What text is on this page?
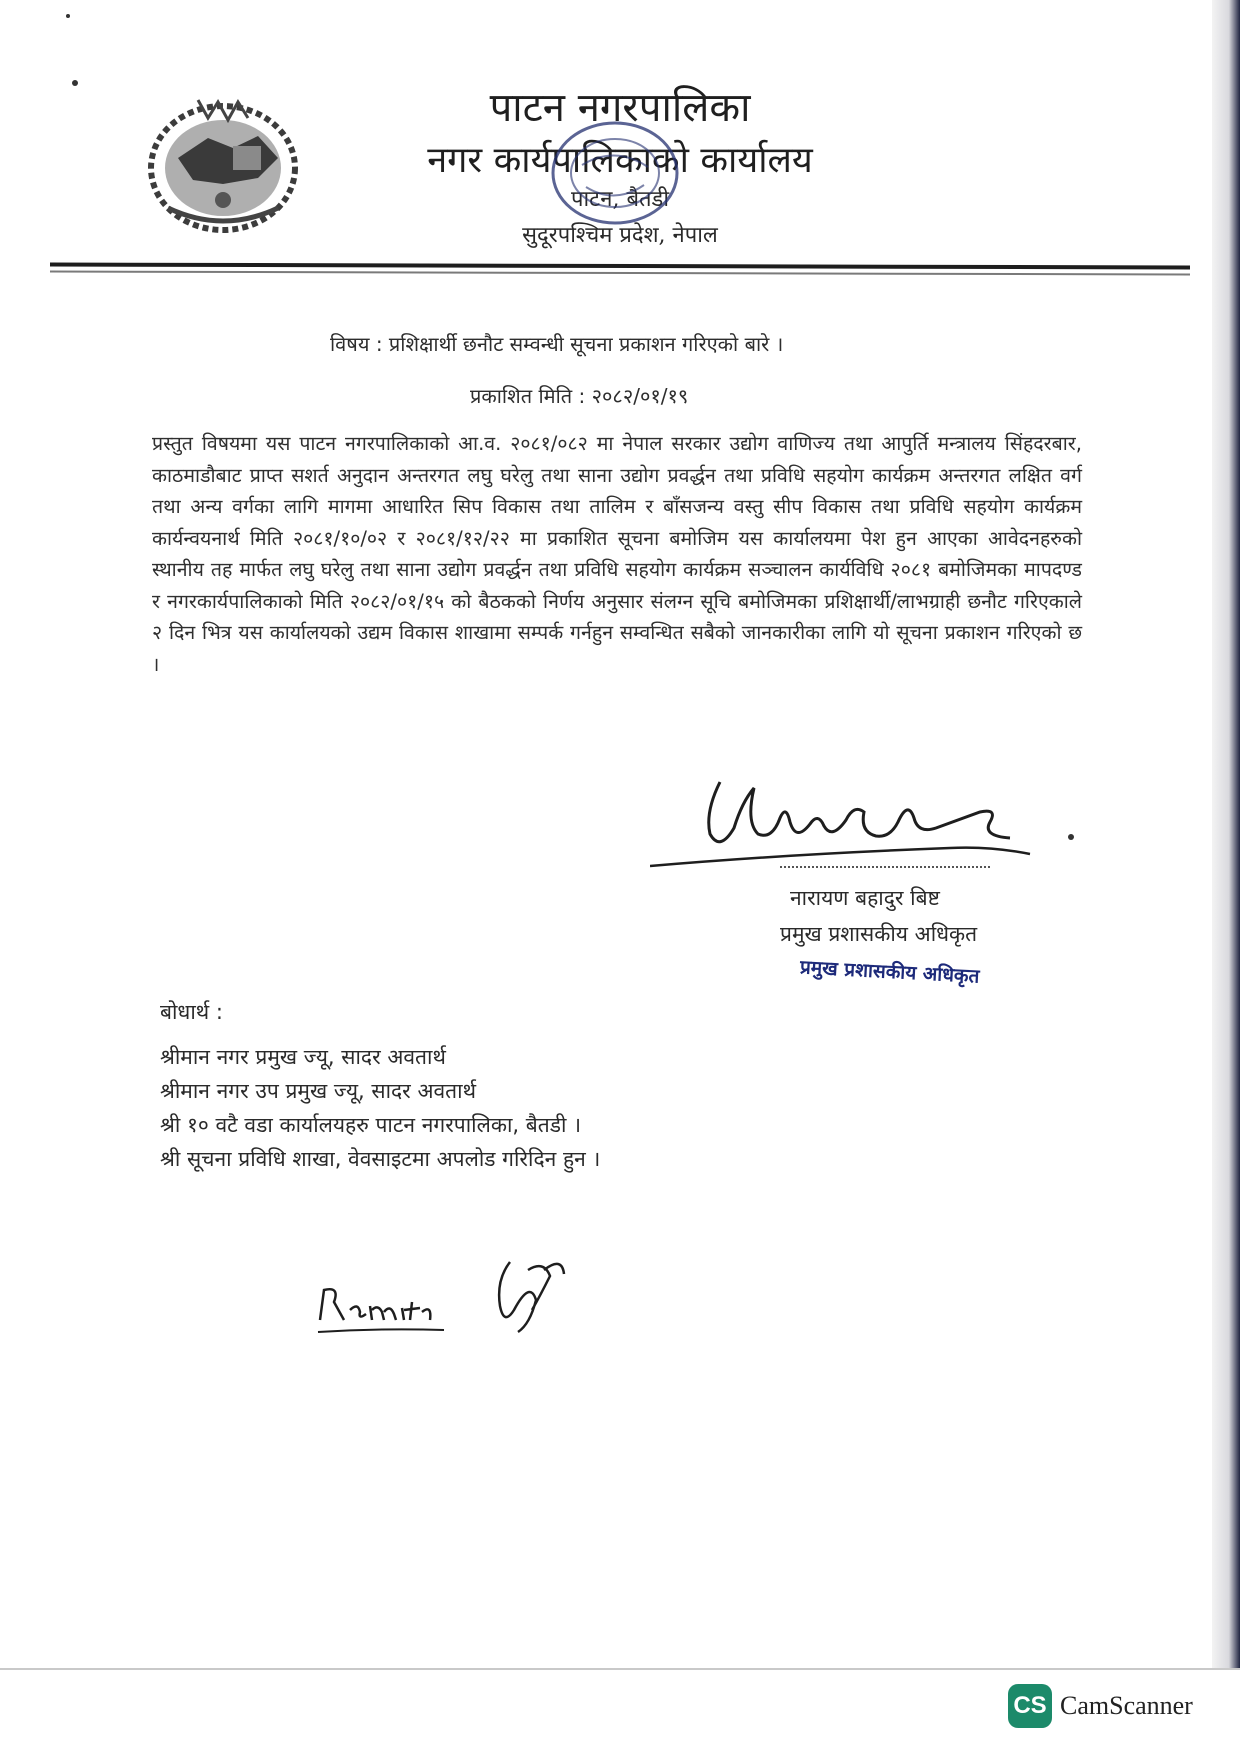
पाटन नगरपालिका
नगर कार्यपालिकाको कार्यालय
पाटन, बैतडी
सुदूरपश्चिम प्रदेश, नेपाल
विषय : प्रशिक्षार्थी छनौट सम्वन्धी सूचना प्रकाशन गरिएको बारे ।
प्रकाशित मिति : २०८२/०१/१९
प्रस्तुत विषयमा यस पाटन नगरपालिकाको आ.व. २०८१/०८२ मा नेपाल सरकार उद्योग वाणिज्य तथा आपुर्ति मन्त्रालय सिंहदरबार, काठमाडौबाट प्राप्त सशर्त अनुदान अन्तरगत लघु घरेलु तथा साना उद्योग प्रवर्द्धन तथा प्रविधि सहयोग कार्यक्रम अन्तरगत लक्षित वर्ग तथा अन्य वर्गका लागि मागमा आधारित सिप विकास तथा तालिम र बाँसजन्य वस्तु सीप विकास तथा प्रविधि सहयोग कार्यक्रम कार्यन्वयनार्थ मिति २०८१/१०/०२ र २०८१/१२/२२ मा प्रकाशित सूचना बमोजिम यस कार्यालयमा पेश हुन आएका आवेदनहरुको स्थानीय तह मार्फत लघु घरेलु तथा साना उद्योग प्रवर्द्धन तथा प्रविधि सहयोग कार्यक्रम सञ्चालन कार्यविधि २०८१ बमोजिमका मापदण्ड र नगरकार्यपालिकाको मिति २०८२/०१/१५ को बैठकको निर्णय अनुसार संलग्न सूचि बमोजिमका प्रशिक्षार्थी/लाभग्राही छनौट गरिएकाले २ दिन भित्र यस कार्यालयको उद्यम विकास शाखामा सम्पर्क गर्नहुन सम्वन्धित सबैको जानकारीका लागि यो सूचना प्रकाशन गरिएको छ ।
नारायण बहादुर बिष्ट
प्रमुख प्रशासकीय अधिकृत
प्रमुख प्रशासकीय अधिकृत
बोधार्थ :
श्रीमान नगर प्रमुख ज्यू, सादर अवतार्थ
श्रीमान नगर उप प्रमुख ज्यू, सादर अवतार्थ
श्री १० वटै वडा कार्यालयहरु पाटन नगरपालिका, बैतडी ।
श्री सूचना प्रविधि शाखा, वेवसाइटमा अपलोड गरिदिन हुन ।
CS CamScanner
